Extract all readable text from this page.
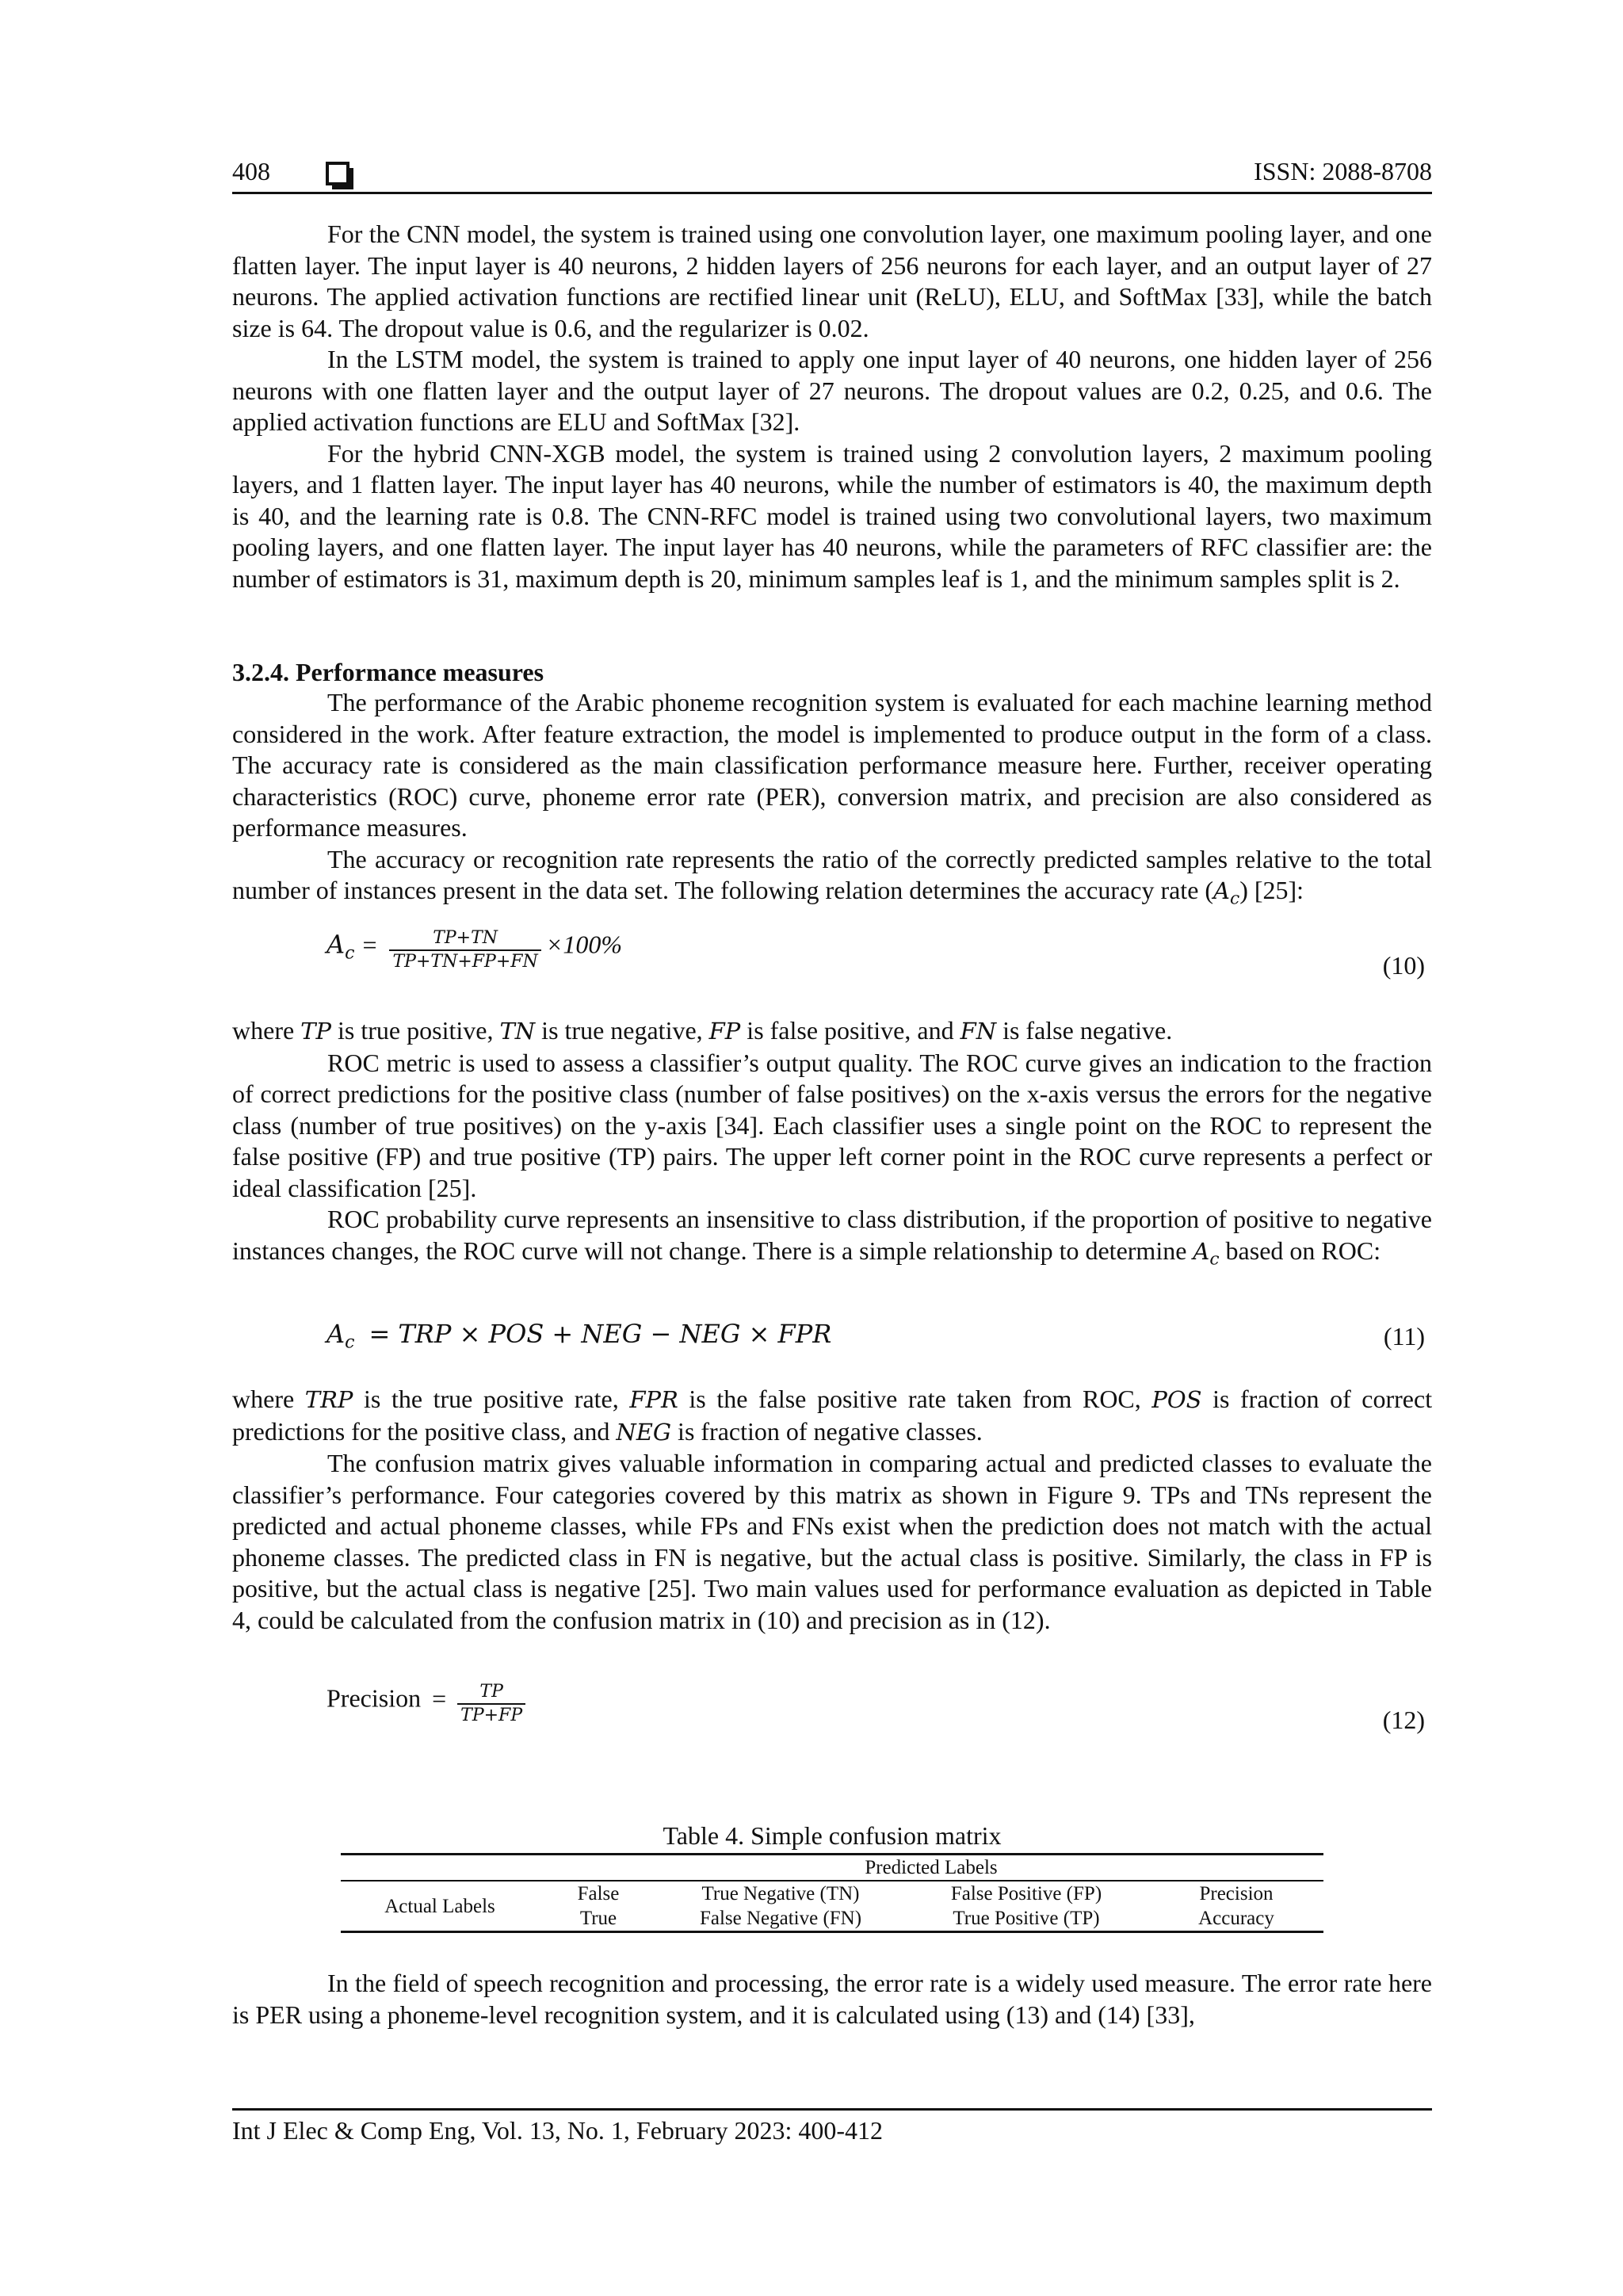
408	ISSN: 2088-8708

For the CNN model, the system is trained using one convolution layer, one maximum pooling layer, and one flatten layer. The input layer is 40 neurons, 2 hidden layers of 256 neurons for each layer, and an output layer of 27 neurons. The applied activation functions are rectified linear unit (ReLU), ELU, and SoftMax [33], while the batch size is 64. The dropout value is 0.6, and the regularizer is 0.02.

In the LSTM model, the system is trained to apply one input layer of 40 neurons, one hidden layer of 256 neurons with one flatten layer and the output layer of 27 neurons. The dropout values are 0.2, 0.25, and 0.6. The applied activation functions are ELU and SoftMax [32].

For the hybrid CNN-XGB model, the system is trained using 2 convolution layers, 2 maximum pooling layers, and 1 flatten layer. The input layer has 40 neurons, while the number of estimators is 40, the maximum depth is 40, and the learning rate is 0.8. The CNN-RFC model is trained using two convolutional layers, two maximum pooling layers, and one flatten layer. The input layer has 40 neurons, while the parameters of RFC classifier are: the number of estimators is 31, maximum depth is 20, minimum samples leaf is 1, and the minimum samples split is 2.

3.2.4. Performance measures

The performance of the Arabic phoneme recognition system is evaluated for each machine learning method considered in the work. After feature extraction, the model is implemented to produce output in the form of a class. The accuracy rate is considered as the main classification performance measure here. Further, receiver operating characteristics (ROC) curve, phoneme error rate (PER), conversion matrix, and precision are also considered as performance measures.

The accuracy or recognition rate represents the ratio of the correctly predicted samples relative to the total number of instances present in the data set. The following relation determines the accuracy rate $(A_c)$ [25]:

$Ac = \frac{TP+TN}{TP+TN+FP+FN} \times 100\%$
(10)

where TP is true positive, TN is true negative, FP is false positive, and FN is false negative.

ROC metric is used to assess a classifier’s output quality. The ROC curve gives an indication to the fraction of correct predictions for the positive class (number of false positives) on the x-axis versus the errors for the negative class (number of true positives) on the y-axis [34]. Each classifier uses a single point on the ROC to represent the false positive (FP) and true positive (TP) pairs. The upper left corner point in the ROC curve represents a perfect or ideal classification [25].

ROC probability curve represents an insensitive to class distribution, if the proportion of positive to negative instances changes, the ROC curve will not change. There is a simple relationship to determine $A_c$ based on ROC:

Ac = TRP × POS + NEG − NEG × FPR	(11)

where TRP is the true positive rate, FPR is the false positive rate taken from ROC, POS is fraction of correct predictions for the positive class, and NEG is fraction of negative classes.

The confusion matrix gives valuable information in comparing actual and predicted classes to evaluate the classifier’s performance. Four categories covered by this matrix as shown in Figure 9. TPs and TNs represent the predicted and actual phoneme classes, while FPs and FNs exist when the prediction does not match with the actual phoneme classes. The predicted class in FN is negative, but the actual class is positive. Similarly, the class in FP is positive, but the actual class is negative [25]. Two main values used for performance evaluation as depicted in Table 4, could be calculated from the confusion matrix in (10) and precision as in (12).

Precision = $\frac{TP}{TP+FP}$	(12)
Table 4. Simple confusion matrix
	Predicted Labels			
Actual Labels	False	True Negative (TN)	False Positive (FP)	Precision
	True	False Negative (FN)	True Positive (TP)	Accuracy

In the field of speech recognition and processing, the error rate is a widely used measure. The error rate here is PER using a phoneme-level recognition system, and it is calculated using (13) and (14) [33],

Int J Elec & Comp Eng, Vol. 13, No. 1, February 2023: 400-412
